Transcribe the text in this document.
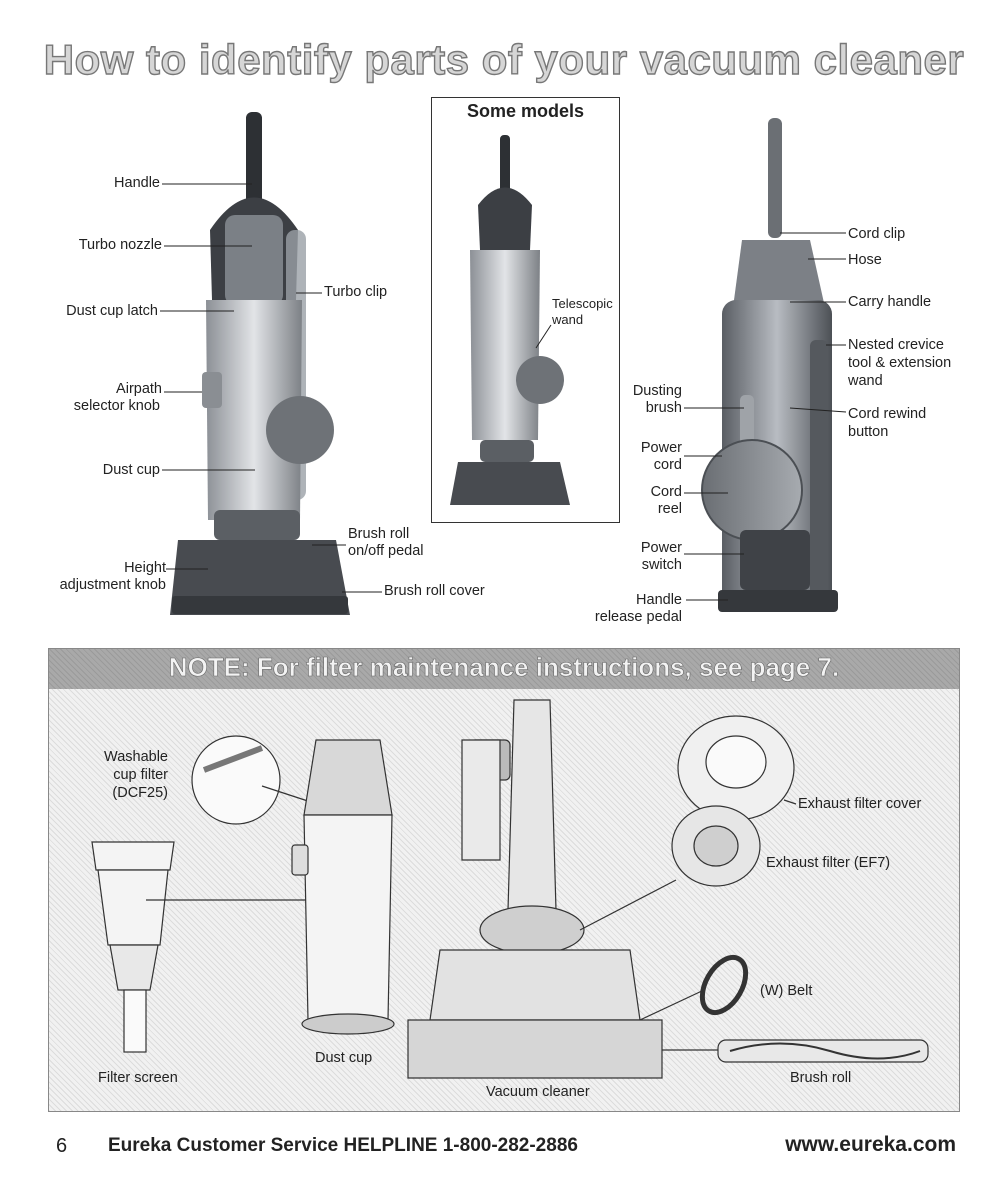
How to identify parts of your vacuum cleaner
Some models
Handle
Turbo nozzle
Dust cup latch
Turbo clip
Airpath
selector knob
Dust cup
Brush roll
on/off pedal
Height
adjustment knob	Brush roll cover
Telescopic
wand
Cord clip
Hose
Carry handle
Nested crevice
tool & extension
wand
Dusting
brush	Cord rewind
button
Power
cord
Cord
reel
Power
switch
Handle
release pedal
NOTE: For filter maintenance instructions, see page 7.
Washable
cup filter
(DCF25)
Filter screen
Dust cup
Vacuum cleaner
Exhaust filter cover
Exhaust filter (EF7)
(W) Belt
Brush roll
6 Eureka Customer Service HELPLINE 1-800-282-2886	www.eureka.com
